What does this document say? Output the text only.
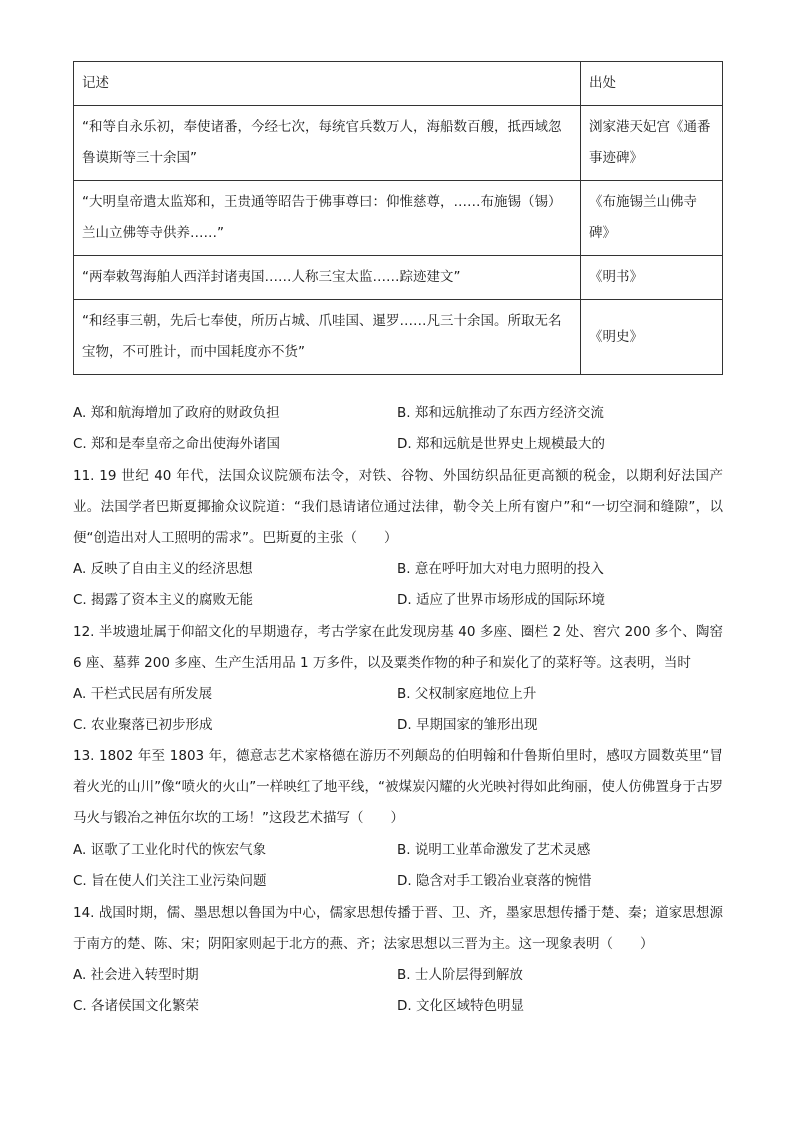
记述	出处
“和等自永乐初，奉使诸番，今经七次，每统官兵数万人，海船数百艘，抵西域忽鲁谟斯等三十余国”	浏家港天妃宫《通番事迹碑》
“大明皇帝遣太监郑和，王贵通等昭告于佛事尊曰：仰惟慈尊，……布施锡（锡）兰山立佛等寺供养……”	《布施锡兰山佛寺碑》
“两奉敕驾海舶人西洋封诸夷国……人称三宝太监……踪迹建文”	《明书》
“和经事三朝，先后七奉使，所历占城、爪哇国、暹罗……凡三十余国。所取无名宝物，不可胜计，而中国耗度亦不货”	《明史》
A. 郑和航海增加了政府的财政负担	B. 郑和远航推动了东西方经济交流
C. 郑和是奉皇帝之命出使海外诸国	D. 郑和远航是世界史上规模最大的
11. 19 世纪 40 年代，法国众议院颁布法令，对铁、谷物、外国纺织品征更高额的税金，以期利好法国产业。法国学者巴斯夏揶揄众议院道：“我们恳请诸位通过法律，勒令关上所有窗户”和“一切空洞和缝隙”，以便“创造出对人工照明的需求”。巴斯夏的主张（　　）
A. 反映了自由主义的经济思想	B. 意在呼吁加大对电力照明的投入
C. 揭露了资本主义的腐败无能	D. 适应了世界市场形成的国际环境
12. 半坡遗址属于仰韶文化的早期遗存，考古学家在此发现房基 40 多座、圈栏 2 处、窖穴 200 多个、陶窑 6 座、墓葬 200 多座、生产生活用品 1 万多件，以及粟类作物的种子和炭化了的菜籽等。这表明，当时
A. 干栏式民居有所发展	B. 父权制家庭地位上升
C. 农业聚落已初步形成	D. 早期国家的雏形出现
13. 1802 年至 1803 年，德意志艺术家格德在游历不列颠岛的伯明翰和什鲁斯伯里时，感叹方圆数英里“冒着火光的山川”像“喷火的火山”一样映红了地平线，“被煤炭闪耀的火光映衬得如此绚丽，使人仿佛置身于古罗马火与锻冶之神伍尔坎的工场！”这段艺术描写（　　）
A. 讴歌了工业化时代的恢宏气象	B. 说明工业革命激发了艺术灵感
C. 旨在使人们关注工业污染问题	D. 隐含对手工锻冶业衰落的惋惜
14. 战国时期，儒、墨思想以鲁国为中心，儒家思想传播于晋、卫、齐，墨家思想传播于楚、秦；道家思想源于南方的楚、陈、宋；阴阳家则起于北方的燕、齐；法家思想以三晋为主。这一现象表明（　　）
A. 社会进入转型时期	B. 士人阶层得到解放
C. 各诸侯国文化繁荣	D. 文化区域特色明显
